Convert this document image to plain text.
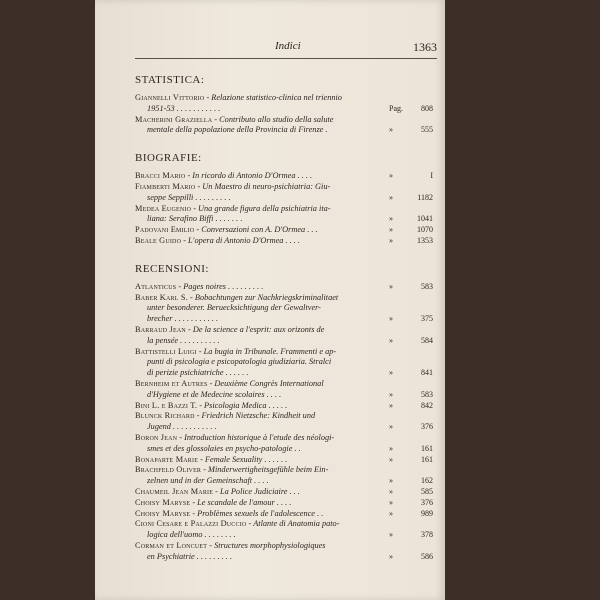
Indici	1363
STATISTICA:
Giannelli Vittorio - Relazione statistico-clinica nel triennio
1951-53 . . . . . . . . . . .	Pag. 808
Macherini Graziella - Contributo allo studio della salute
mentale della popolazione della Provincia di Firenze .	»	555
BIOGRAFIE:
Bracci Mario - In ricordo di Antonio D'Ormea . . . .	»	I
Fiamberti Mario - Un Maestro di neuro-psichiatria: Giu-
seppe Seppilli . . . . . . . . .	»	1182
Medea Eugenio - Una grande figura della psichiatria ita-
liana: Serafino Biffi . . . . . . .	»	1041
Padovani Emilio - Conversazioni con A. D'Ormea . . .	»	1070
Beale Guido - L'opera di Antonio D'Ormea . . . .	»	1353
RECENSIONI:
Atlanticus - Pages noires . . . . . . . . .	»	583
Baber Karl S. - Bobachtungen zur Nachkriegskriminalitaet
unter besonderer. Beruecksichtigung der Gewaltver-
brecher . . . . . . . . . . .	»	375
Barraud Jean - De la science a l'esprit: aux orizonts de
la pensée . . . . . . . . . .	»	584
Battistelli Luigi - La bugia in Tribunale. Frammenti e ap-
punti di psicologia e psicopatologia giudiziaria. Stralci
di perizie psichiatriche . . . . . .	»	841
Bernheim et Autres - Deuxième Congrès International
d'Hygiene et de Medecine scolaires . . . .	»	583
Bini L. e Bazzi T. - Psicologia Medica . . . . .	»	842
Blunck Richard - Friedrich Nietzsche: Kindheit und
Jugend . . . . . . . . . . .	»	376
Boron Jean - Introduction historique à l'etude des néologi-
smes et des glossolaies en psycho-patologie . .	»	161
Bonaparte Marie - Female Sexuality . . . . . .	»	161
Brachfeld Oliver - Minderwertigheitsgefühle beim Ein-
zelnen und in der Gemeinschaft . . . .	»	162
Chaumeil Jean Marie - La Police Judiciaire . . .	»	585
Choisy Maryse - Le scandale de l'amour . . . .	»	376
Choisy Maryse - Problèmes sexuels de l'adolescence . .	»	989
Cioni Cesare e Palazzi Duccio - Atlante di Anatomia pato-
logica dell'uomo . . . . . . . .	»	378
Corman et Loncuet - Structures morphophysiologiques
en Psychiatrie . . . . . . . . .	»	586
